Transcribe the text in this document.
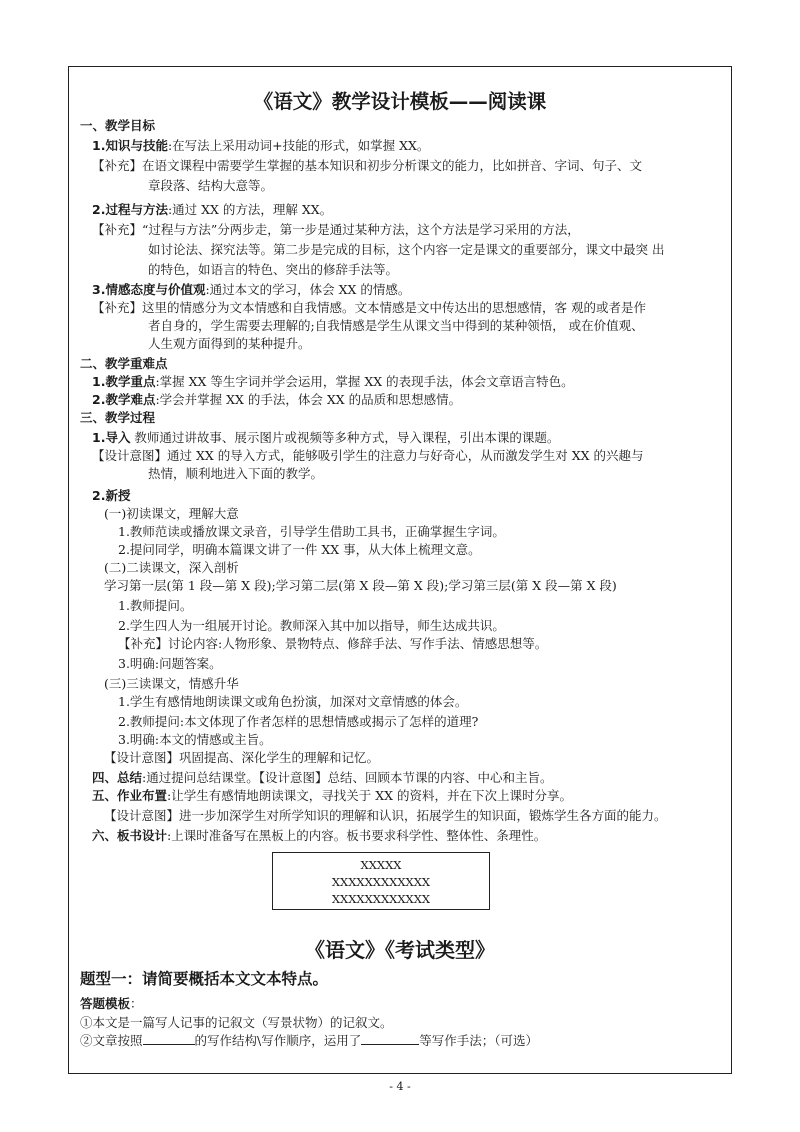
《语文》教学设计模板——阅读课
一、教学目标
1.知识与技能:在写法上采用动词+技能的形式，如掌握 XX。
【补充】在语文课程中需要学生掌握的基本知识和初步分析课文的能力，比如拼音、字词、句子、文
章段落、结构大意等。
2.过程与方法:通过 XX 的方法，理解 XX。
【补充】“过程与方法”分两步走，第一步是通过某种方法，这个方法是学习采用的方法，
如讨论法、探究法等。第二步是完成的目标，这个内容一定是课文的重要部分，课文中最突 出
的特色，如语言的特色、突出的修辞手法等。
3.情感态度与价值观:通过本文的学习，体会 XX 的情感。
【补充】这里的情感分为文本情感和自我情感。文本情感是文中传达出的思想感情，客 观的或者是作
者自身的，学生需要去理解的;自我情感是学生从课文当中得到的某种领悟， 或在价值观、
人生观方面得到的某种提升。
二、教学重难点
1.教学重点:掌握 XX 等生字词并学会运用，掌握 XX 的表现手法，体会文章语言特色。
2.教学难点:学会并掌握 XX 的手法，体会 XX 的品质和思想感情。
三、教学过程
1.导入 教师通过讲故事、展示图片或视频等多种方式，导入课程，引出本课的课题。
【设计意图】通过 XX 的导入方式，能够吸引学生的注意力与好奇心，从而激发学生对 XX 的兴趣与
热情，顺利地进入下面的教学。
2.新授
(一)初读课文，理解大意
1.教师范读或播放课文录音，引导学生借助工具书，正确掌握生字词。
2.提问同学，明确本篇课文讲了一件 XX 事，从大体上梳理文意。
(二)二读课文，深入剖析
学习第一层(第 1 段—第 X 段);学习第二层(第 X 段—第 X 段);学习第三层(第 X 段—第 X 段)
1.教师提问。
2.学生四人为一组展开讨论。教师深入其中加以指导，师生达成共识。
【补充】讨论内容:人物形象、景物特点、修辞手法、写作手法、情感思想等。
3.明确:问题答案。
(三)三读课文，情感升华
1.学生有感情地朗读课文或角色扮演，加深对文章情感的体会。
2.教师提问:本文体现了作者怎样的思想情感或揭示了怎样的道理?
3.明确:本文的情感或主旨。
【设计意图】巩固提高、深化学生的理解和记忆。
四、总结:通过提问总结课堂。【设计意图】总结、回顾本节课的内容、中心和主旨。
五、作业布置:让学生有感情地朗读课文，寻找关于 XX 的资料，并在下次上课时分享。
【设计意图】进一步加深学生对所学知识的理解和认识，拓展学生的知识面，锻炼学生各方面的能力。
六、板书设计:上课时准备写在黑板上的内容。板书要求科学性、整体性、条理性。
XXXXX
XXXXXXXXXXXX
XXXXXXXXXXXX
《语文》《考试类型》
题型一：请简要概括本文文本特点。
答题模板：
①本文是一篇写人记事的记叙文（写景状物）的记叙文。
②文章按照	的写作结构\写作顺序，运用了	等写作手法；（可选）
- 4 -
